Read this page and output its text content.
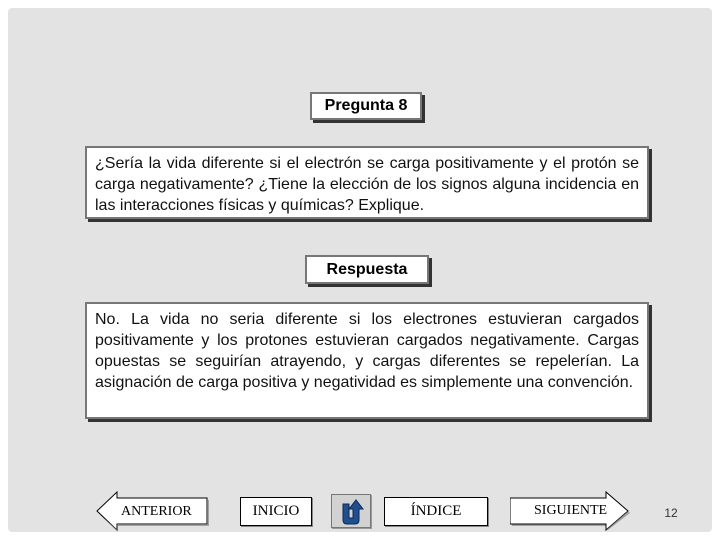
Pregunta 8
¿Sería la vida diferente si el electrón se carga positivamente y el protón se carga negativamente? ¿Tiene la elección de los signos alguna incidencia en las interacciones físicas y químicas? Explique.
Respuesta
No. La vida no seria diferente si los electrones estuvieran cargados positivamente y los protones estuvieran cargados negativamente. Cargas opuestas se seguirían atrayendo, y cargas diferentes se repelerían. La asignación de carga positiva y negatividad es simplemente una convención.
ANTERIOR	INICIO	ÍNDICE	SIGUIENTE	12
